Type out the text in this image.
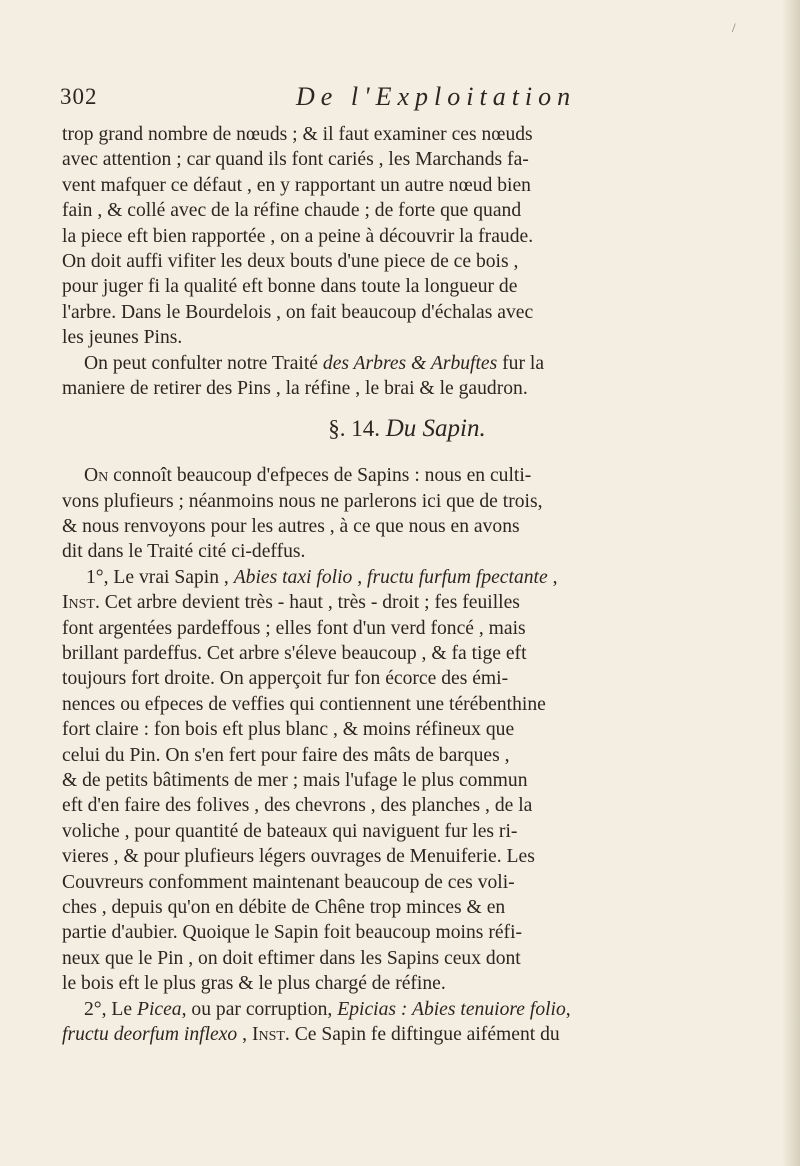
/
302	De l'Exploitation
trop grand nombre de nœuds ; & il faut examiner ces nœuds
avec attention ; car quand ils font cariés , les Marchands fa-
vent mafquer ce défaut , en y rapportant un autre nœud bien
fain , & collé avec de la réfine chaude ; de forte que quand
la piece eft bien rapportée , on a peine à découvrir la fraude.
On doit auffi vifiter les deux bouts d'une piece de ce bois ,
pour juger fi la qualité eft bonne dans toute la longueur de
l'arbre. Dans le Bourdelois , on fait beaucoup d'échalas avec
les jeunes Pins.
On peut confulter notre Traité des Arbres & Arbuftes fur la
maniere de retirer des Pins , la réfine , le brai & le gaudron.
§. 14. Du Sapin.
On connoît beaucoup d'efpeces de Sapins : nous en culti-
vons plufieurs ; néanmoins nous ne parlerons ici que de trois,
& nous renvoyons pour les autres , à ce que nous en avons
dit dans le Traité cité ci-deffus.
1°, Le vrai Sapin , Abies taxi folio , fructu furfum fpectante ,
Inst. Cet arbre devient très - haut , très - droit ; fes feuilles
font argentées pardeffous ; elles font d'un verd foncé , mais
brillant pardeffus. Cet arbre s'éleve beaucoup , & fa tige eft
toujours fort droite. On apperçoit fur fon écorce des émi-
nences ou efpeces de veffies qui contiennent une térébenthine
fort claire : fon bois eft plus blanc , & moins réfineux que
celui du Pin. On s'en fert pour faire des mâts de barques ,
& de petits bâtiments de mer ; mais l'ufage le plus commun
eft d'en faire des folives , des chevrons , des planches , de la
voliche , pour quantité de bateaux qui naviguent fur les ri-
vieres , & pour plufieurs légers ouvrages de Menuiferie. Les
Couvreurs confomment maintenant beaucoup de ces voli-
ches , depuis qu'on en débite de Chêne trop minces & en
partie d'aubier. Quoique le Sapin foit beaucoup moins réfi-
neux que le Pin , on doit eftimer dans les Sapins ceux dont
le bois eft le plus gras & le plus chargé de réfine.
2°, Le Picea, ou par corruption, Epicias : Abies tenuiore folio,
fructu deorfum inflexo , Inst. Ce Sapin fe diftingue aifément du
